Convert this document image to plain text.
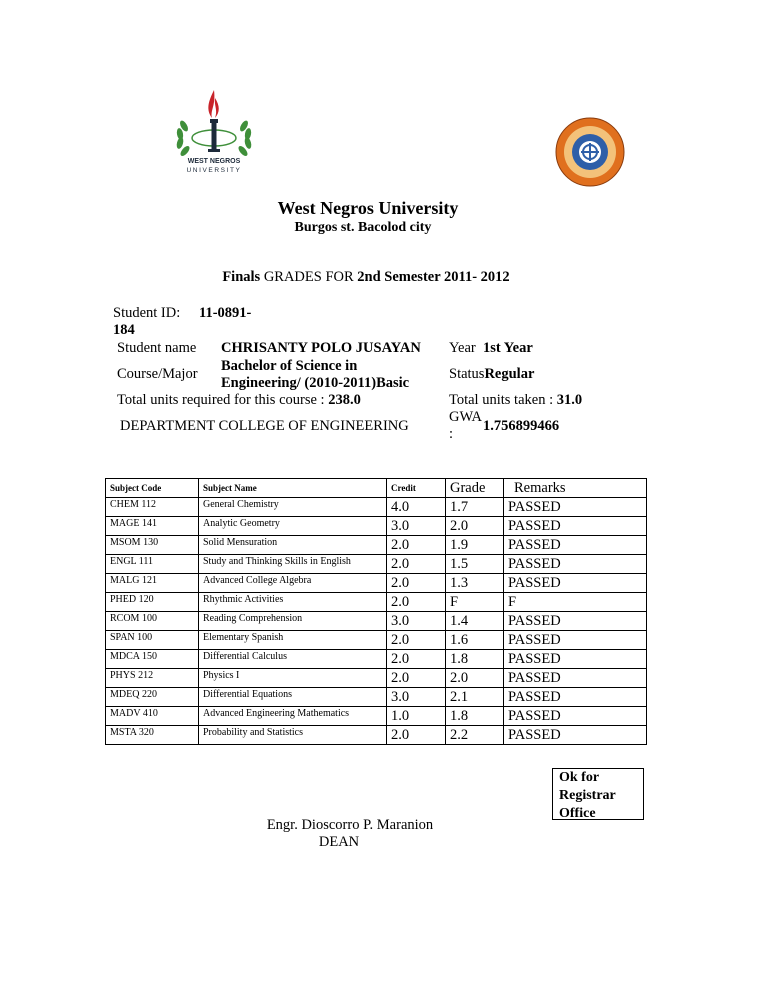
WEST NEGROS
UNIVERSITY
West Negros University
Burgos st. Bacolod city
Finals GRADES FOR 2nd Semester 2011- 2012
Student ID: 11-0891-
184
Student name CHRISANTY POLO JUSAYAN Year 1st Year
Course/Major Bachelor of Science in
Engineering/ (2010-2011)Basic
StatusRegular
Total units required for this course : 238.0	Total units taken : 31.0
GWA
: 1.756899466
DEPARTMENT COLLEGE OF ENGINEERING
Subject Code	Subject Name	Credit	Grade	Remarks
CHEM 112	General Chemistry	4.0	1.7	PASSED
MAGE 141	Analytic Geometry	3.0	2.0	PASSED
MSOM 130	Solid Mensuration	2.0	1.9	PASSED
ENGL 111	Study and Thinking Skills in English	2.0	1.5	PASSED
MALG 121	Advanced College Algebra	2.0	1.3	PASSED
PHED 120	Rhythmic Activities	2.0	F	F
RCOM 100	Reading Comprehension	3.0	1.4	PASSED
SPAN 100	Elementary Spanish	2.0	1.6	PASSED
MDCA 150	Differential Calculus	2.0	1.8	PASSED
PHYS 212	Physics I	2.0	2.0	PASSED
MDEQ 220	Differential Equations	3.0	2.1	PASSED
MADV 410	Advanced Engineering Mathematics	1.0	1.8	PASSED
MSTA 320	Probability and Statistics	2.0	2.2	PASSED
Ok for
Registrar
Office
Engr. Dioscorro P. Maranion
DEAN
